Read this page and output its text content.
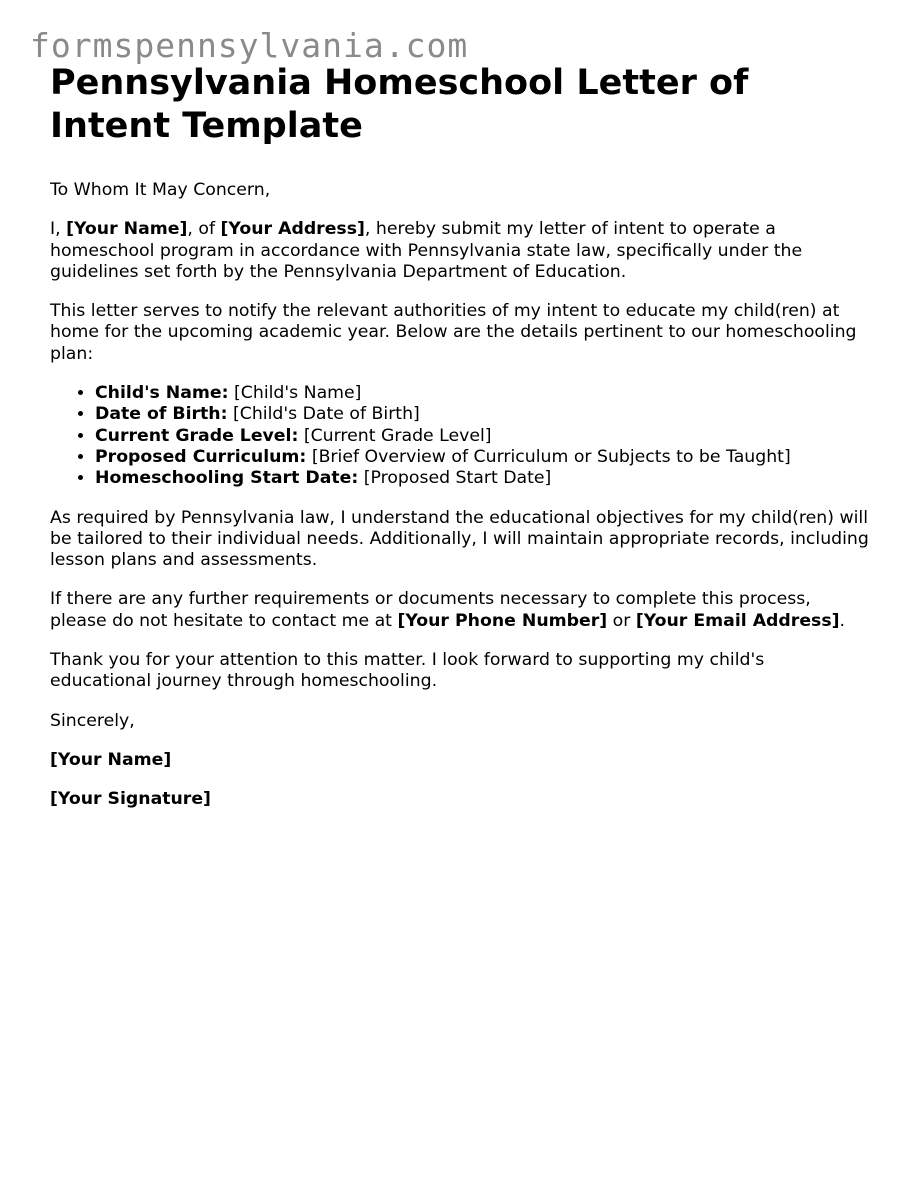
formspennsylvania.com
Pennsylvania Homeschool Letter of Intent Template

To Whom It May Concern,

I, [Your Name], of [Your Address], hereby submit my letter of intent to operate a homeschool program in accordance with Pennsylvania state law, specifically under the guidelines set forth by the Pennsylvania Department of Education.

This letter serves to notify the relevant authorities of my intent to educate my child(ren) at home for the upcoming academic year. Below are the details pertinent to our homeschooling plan:

• Child's Name: [Child's Name]
• Date of Birth: [Child's Date of Birth]
• Current Grade Level: [Current Grade Level]
• Proposed Curriculum: [Brief Overview of Curriculum or Subjects to be Taught]
• Homeschooling Start Date: [Proposed Start Date]

As required by Pennsylvania law, I understand the educational objectives for my child(ren) will be tailored to their individual needs. Additionally, I will maintain appropriate records, including lesson plans and assessments.

If there are any further requirements or documents necessary to complete this process, please do not hesitate to contact me at [Your Phone Number] or [Your Email Address].

Thank you for your attention to this matter. I look forward to supporting my child's educational journey through homeschooling.

Sincerely,

[Your Name]

[Your Signature]
